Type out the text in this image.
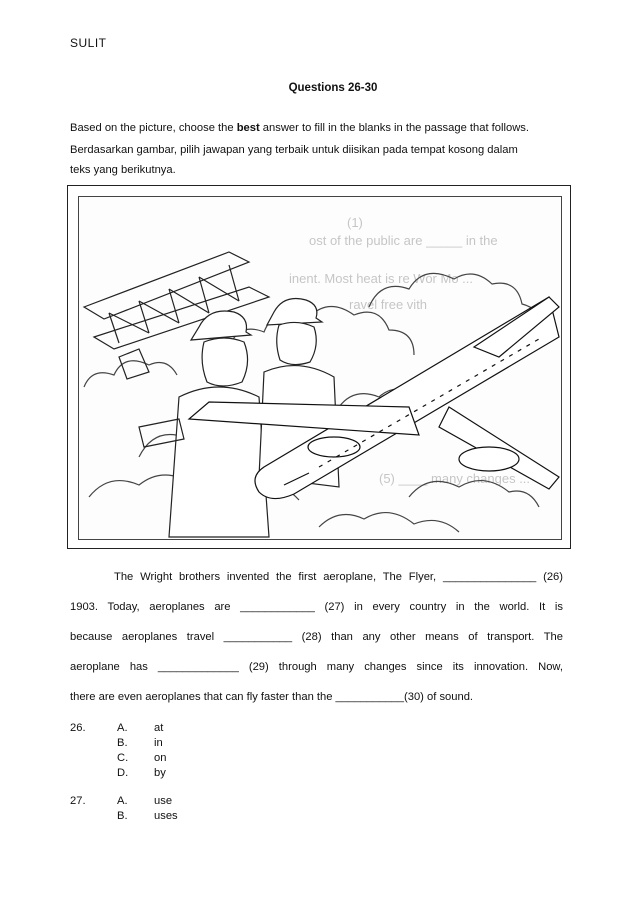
SULIT
Questions 26-30
Based on the picture, choose the best answer to fill in the blanks in the passage that follows.
Berdasarkan gambar, pilih jawapan yang terbaik untuk diisikan pada tempat kosong dalam
teks yang berikutnya.
(1)
ost of the public are _____ in the
inent. Most heat is re Wor Mo ...
ravel free vith
(5) ____ many changes ...
The Wright brothers invented the first aeroplane, The Flyer, _______________ (26)
1903. Today, aeroplanes are ____________ (27) in every country in the world. It is
because aeroplanes travel ___________ (28) than any other means of transport. The
aeroplane has _____________ (29) through many changes since its innovation. Now,
there are even aeroplanes that can fly faster than the ___________(30) of sound.
26.	A. at
B. in
C. on
D. by
27.	A. use
B. uses
